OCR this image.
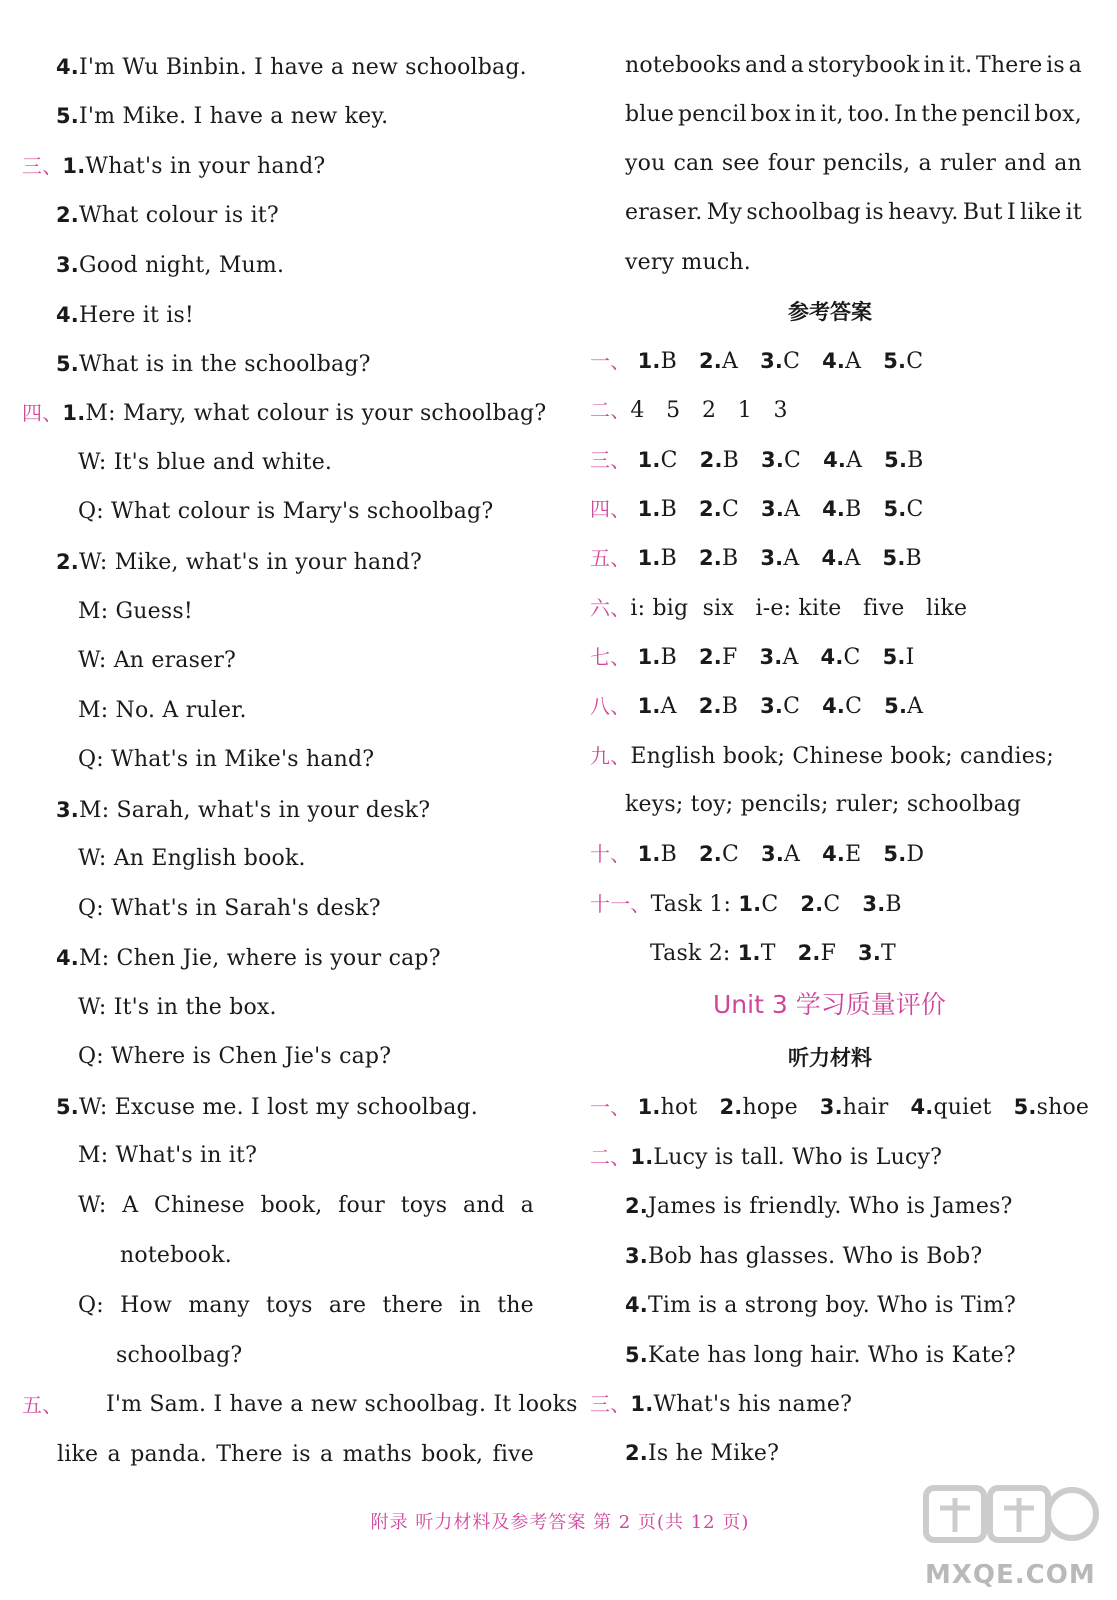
4.I'm Wu Binbin. I have a new schoolbag.
5.I'm Mike. I have a new key.
三、1.What's in your hand?
2.What colour is it?
3.Good night, Mum.
4.Here it is!
5.What is in the schoolbag?
四、1.M: Mary, what colour is your schoolbag?
W: It's blue and white.
Q: What colour is Mary's schoolbag?
2.W: Mike, what's in your hand?
M: Guess!
W: An eraser?
M: No. A ruler.
Q: What's in Mike's hand?
3.M: Sarah, what's in your desk?
W: An English book.
Q: What's in Sarah's desk?
4.M: Chen Jie, where is your cap?
W: It's in the box.
Q: Where is Chen Jie's cap?
5.W: Excuse me. I lost my schoolbag.
M: What's in it?
W: A Chinese book, four toys and a
notebook.
Q: How many toys are there in the
schoolbag?
五、 I'm Sam. I have a new schoolbag. It looks
like a panda. There is a maths book, five
notebooks and a storybook in it. There is a
blue pencil box in it, too. In the pencil box,
you can see four pencils, a ruler and an
eraser. My schoolbag is heavy. But I like it
very much.
参考答案
一、 1.B 2.A 3.C 4.A 5.C
二、4   5   2   1   3
三、 1.C 2.B 3.C 4.A 5.B
四、 1.B 2.C 3.A 4.B 5.C
五、 1.B 2.B 3.A 4.A 5.B
六、i: big  six   i-e: kite   five   like
七、 1.B 2.F 3.A 4.C 5.I
八、 1.A 2.B 3.C 4.C 5.A
九、English book; Chinese book; candies;
keys; toy; pencils; ruler; schoolbag
十、 1.B 2.C 3.A 4.E 5.D
十一、Task 1: 1.C 2.C 3.B
Task 2: 1.T 2.F 3.T
Unit 3 学习质量评价
听力材料
一、 1.hot 2.hope 3.hair 4.quiet 5.shoe
二、1.Lucy is tall. Who is Lucy?
2.James is friendly. Who is James?
3.Bob has glasses. Who is Bob?
4.Tim is a strong boy. Who is Tim?
5.Kate has long hair. Who is Kate?
三、1.What's his name?
2.Is he Mike?
附录 听力材料及参考答案 第 2 页(共 12 页)
MXQE.COM
